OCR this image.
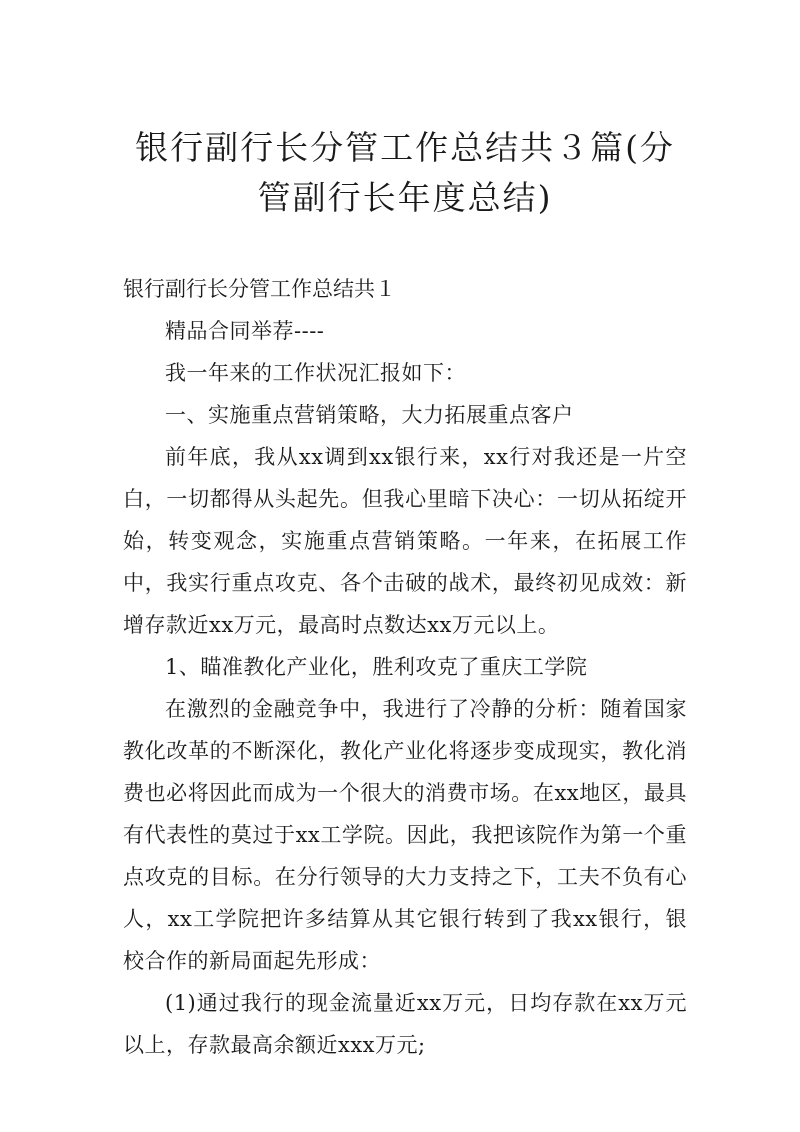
银行副行长分管工作总结共３篇(分管副行长年度总结)

银行副行长分管工作总结共１

精品合同举荐----

我一年来的工作状况汇报如下：

一、实施重点营销策略，大力拓展重点客户

前年底，我从xx调到xx银行来，xx行对我还是一片空白，一切都得从头起先。但我心里暗下决心：一切从拓绽开始，转变观念，实施重点营销策略。一年来，在拓展工作中，我实行重点攻克、各个击破的战术，最终初见成效：新增存款近xx万元，最高时点数达xx万元以上。

1、瞄准教化产业化，胜利攻克了重庆工学院

在激烈的金融竞争中，我进行了冷静的分析：随着国家教化改革的不断深化，教化产业化将逐步变成现实，教化消费也必将因此而成为一个很大的消费市场。在xx地区，最具有代表性的莫过于xx工学院。因此，我把该院作为第一个重点攻克的目标。在分行领导的大力支持之下，工夫不负有心人，xx工学院把许多结算从其它银行转到了我xx银行，银校合作的新局面起先形成：

(1)通过我行的现金流量近xx万元，日均存款在xx万元以上，存款最高余额近xxx万元;
